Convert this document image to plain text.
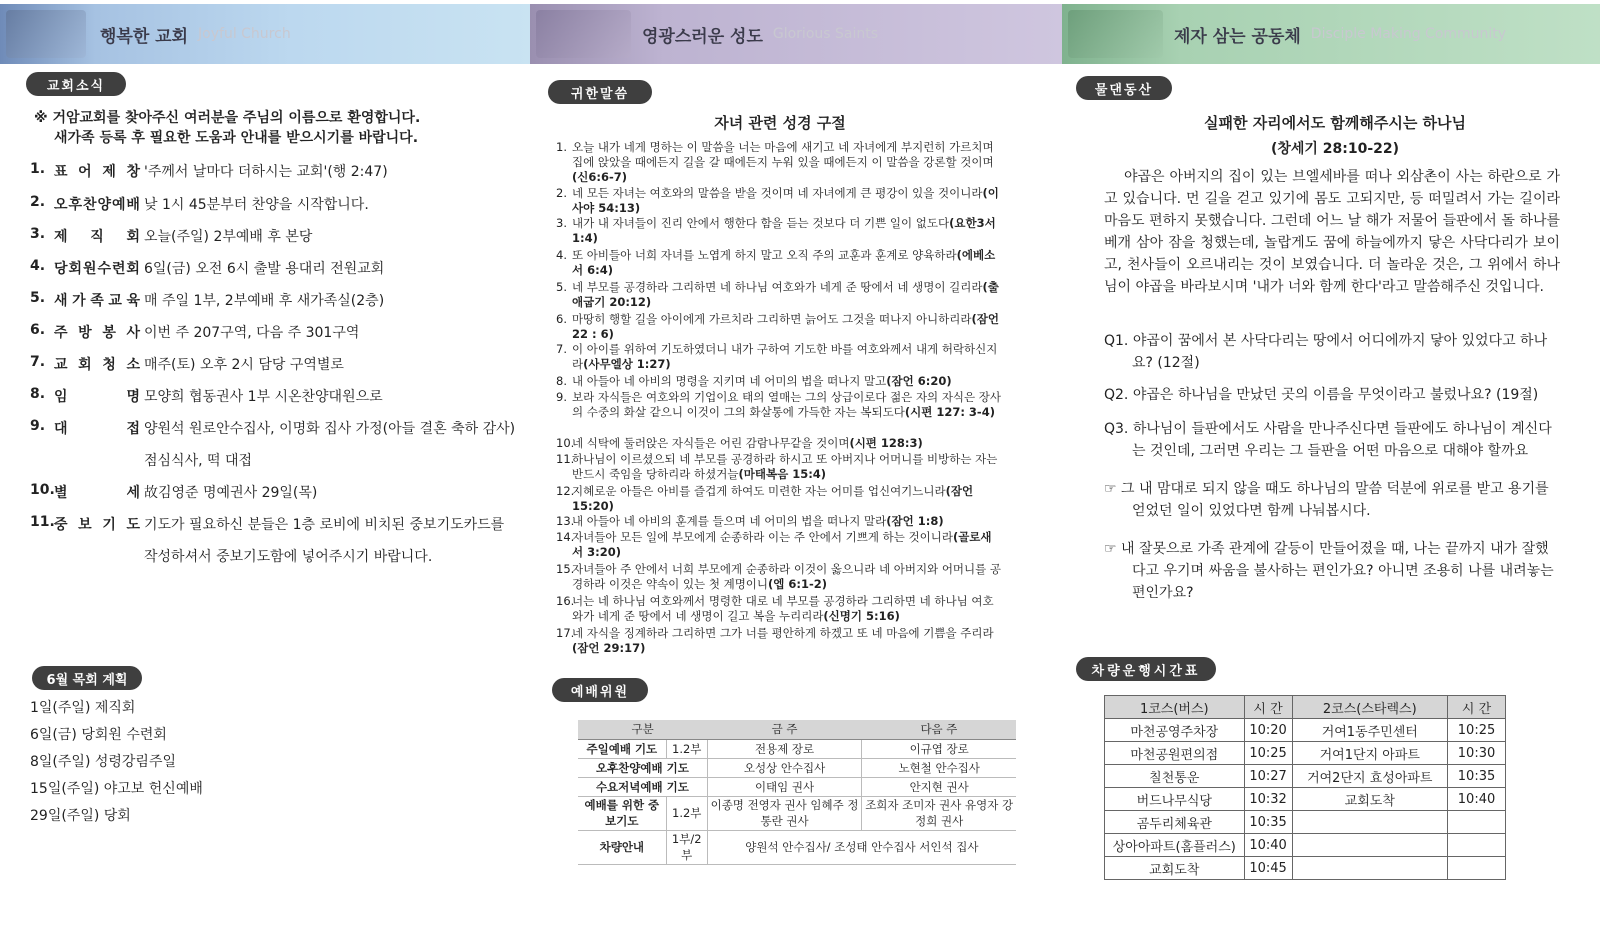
행복한 교회 Joyful Church	영광스러운 성도 Glorious Saints	제자 삼는 공동체 Disciple Making Community
교회소식
※ 거암교회를 찾아주신 여러분을 주님의 이름으로 환영합니다.
새가족 등록 후 필요한 도움과 안내를 받으시기를 바랍니다.
1. 표 어 제 창 '주께서 날마다 더하시는 교회'(행 2:47)
2. 오 후 찬 양 예 배 낮 1시 45분부터 찬양을 시작합니다.
3. 제 직 회 오늘(주일) 2부예배 후 본당
4. 당 회 원 수 련 회 6일(금) 오전 6시 출발 용대리 전원교회
5. 새 가 족 교 육 매 주일 1부, 2부예배 후 새가족실(2층)
6. 주 방 봉 사 이번 주 207구역, 다음 주 301구역
7. 교 회 청 소 매주(토) 오후 2시 담당 구역별로
8. 임	명 모양희 협동권사 1부 시온찬양대원으로
9. 대	접 양원석 원로안수집사, 이명화 집사 가정(아들 결혼 축하 감사)
점심식사, 떡 대접
10. 별	세 故김영준 명예권사 29일(목)
11. 중 보 기 도 기도가 필요하신 분들은 1층 로비에 비치된 중보기도카드를
작성하셔서 중보기도함에 넣어주시기 바랍니다.
6월 목회 계획
1일(주일) 제직회
6일(금) 당회원 수련회
8일(주일) 성령강림주일
15일(주일) 야고보 헌신예배
29일(주일) 당회
귀한말씀
자녀 관련 성경 구절
1. 오늘 내가 네게 명하는 이 말씀을 너는 마음에 새기고 네 자녀에게 부지런히 가르치며 집에 앉았을 때에든지 길을 갈 때에든지 누워 있을 때에든지 이 말씀을 강론할 것이며(신6:6-7)
2. 네 모든 자녀는 여호와의 말씀을 받을 것이며 네 자녀에게 큰 평강이 있을 것이니라(이사야 54:13)
3. 내가 내 자녀들이 진리 안에서 행한다 함을 듣는 것보다 더 기쁜 일이 없도다(요한3서 1:4)
4. 또 아비들아 너희 자녀를 노엽게 하지 말고 오직 주의 교훈과 훈계로 양육하라(에베소서 6:4)
5. 네 부모를 공경하라 그리하면 네 하나님 여호와가 네게 준 땅에서 네 생명이 길리라(출애굽기 20:12)
6. 마땅히 행할 길을 아이에게 가르치라 그리하면 늙어도 그것을 떠나지 아니하리라(잠언 22 : 6)
7. 이 아이를 위하여 기도하였더니 내가 구하여 기도한 바를 여호와께서 내게 허락하신지라(사무엘상 1:27)
8. 내 아들아 네 아비의 명령을 지키며 네 어미의 법을 떠나지 말고(잠언 6:20)
9. 보라 자식들은 여호와의 기업이요 태의 열매는 그의 상급이로다 젊은 자의 자식은 장사의 수중의 화살 같으니 이것이 그의 화살통에 가득한 자는 복되도다(시편 127: 3-4)
10.
네 식탁에 둘러앉은 자식들은 어린 감람나무같을 것이며(시편 128:3)
11.
하나님이 이르셨으되 네 부모를 공경하라 하시고 또 아버지나 어머니를 비방하는 자는 반드시 죽임을 당하리라 하셨거늘(마태복음 15:4)
12.
지혜로운 아들은 아비를 즐겁게 하여도 미련한 자는 어미를 업신여기느니라(잠언 15:20)
13.
내 아들아 네 아비의 훈계를 들으며 네 어미의 법을 떠나지 말라(잠언 1:8)
14.
자녀들아 모든 일에 부모에게 순종하라 이는 주 안에서 기쁘게 하는 것이니라(골로새서 3:20)
15.
자녀들아 주 안에서 너희 부모에게 순종하라 이것이 옳으니라 네 아버지와 어머니를 공경하라 이것은 약속이 있는 첫 계명이니(엡 6:1-2)
16.
너는 네 하나님 여호와께서 명령한 대로 네 부모를 공경하라 그리하면 네 하나님 여호와가 네게 준 땅에서 네 생명이 길고 복을 누리리라(신명기 5:16)
17.
네 자식을 징계하라 그리하면 그가 너를 평안하게 하겠고 또 네 마음에 기쁨을 주리라(잠언 29:17)
예배위원
구분		금 주	다음 주
주일예배 기도	1.2부	전용제 장로	이규엽 장로
오후찬양예배 기도		오성상 안수집사	노현철 안수집사
수요저녁예배 기도		이태임 권사	안지현 권사
예배를 위한 중보기도	1.2부	이종명 전영자 권사 임혜주 정통란 권사	조희자 조미자 권사 유영자 강정희 권사
차량안내	1부/2부	양원석 안수집사/ 조성태 안수집사 서인석 집사	
물댄동산
실패한 자리에서도 함께해주시는 하나님
(창세기 28:10-22)
야곱은 아버지의 집이 있는 브엘세바를 떠나 외삼촌이 사는 하란으로 가고 있습니다. 먼 길을 걷고 있기에 몸도 고되지만, 등 떠밀려서 가는 길이라 마음도 편하지 못했습니다. 그런데 어느 날 해가 저물어 들판에서 돌 하나를 베개 삼아 잠을 청했는데, 놀랍게도 꿈에 하늘에까지 닿은 사닥다리가 보이고, 천사들이 오르내리는 것이 보였습니다. 더 놀라운 것은, 그 위에서 하나님이 야곱을 바라보시며 '내가 너와 함께 한다'라고 말씀해주신 것입니다.
Q1. 야곱이 꿈에서 본 사닥다리는 땅에서 어디에까지 닿아 있었다고 하나요? (12절)
Q2. 야곱은 하나님을 만났던 곳의 이름을 무엇이라고 불렀나요? (19절)
Q3. 하나님이 들판에서도 사람을 만나주신다면 들판에도 하나님이 계신다는 것인데, 그러면 우리는 그 들판을 어떤 마음으로 대해야 할까요
☞ 그 내 맘대로 되지 않을 때도 하나님의 말씀 덕분에 위로를 받고 용기를 얻었던 일이 있었다면 함께 나눠봅시다.
☞ 내 잘못으로 가족 관계에 갈등이 만들어졌을 때, 나는 끝까지 내가 잘했다고 우기며 싸움을 불사하는 편인가요? 아니면 조용히 나를 내려놓는 편인가요?
차량운행시간표
1코스(버스)	시 간	2코스(스타렉스)	시 간
마천공영주차장	10:20	거여1동주민센터	10:25
마천공원편의점	10:25	거여1단지 아파트	10:30
칠천통운	10:27	거여2단지 효성아파트	10:35
버드나무식당	10:32	교회도착	10:40
곰두리체육관	10:35		
상아아파트(홈플러스)	10:40		
교회도착	10:45		
